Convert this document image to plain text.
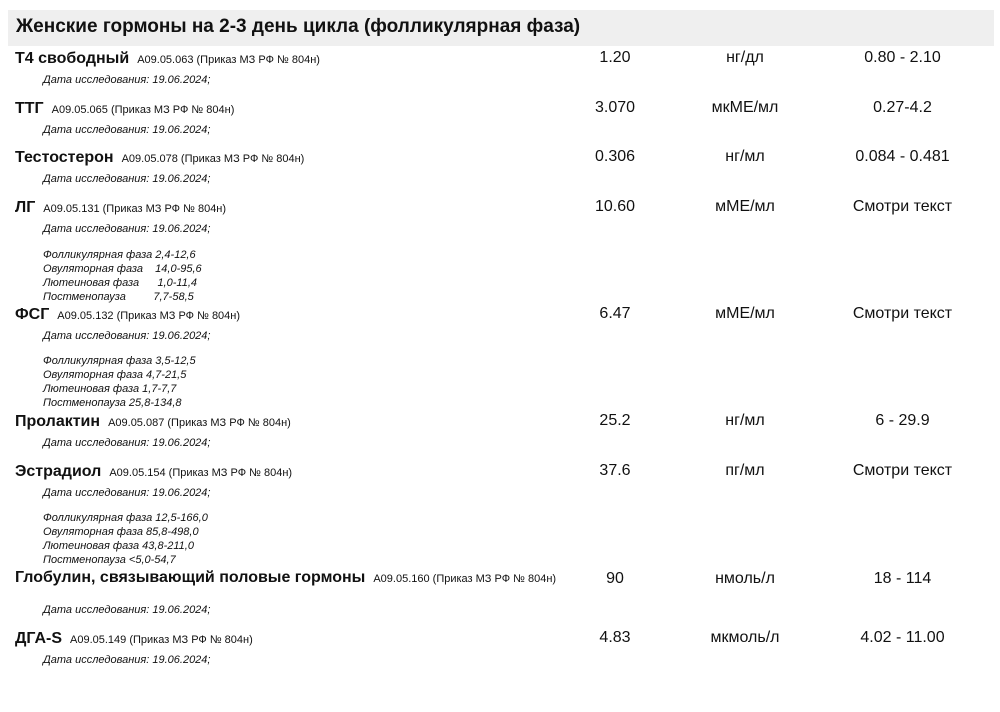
Женские гормоны на 2-3 день цикла (фолликулярная фаза)
Т4 свободный A09.05.063 (Приказ МЗ РФ № 804н)	1.20	нг/дл	0.80 - 2.10
Дата исследования: 19.06.2024;
ТТГ A09.05.065 (Приказ МЗ РФ № 804н)	3.070	мкМЕ/мл	0.27-4.2
Дата исследования: 19.06.2024;
Тестостерон A09.05.078 (Приказ МЗ РФ № 804н)	0.306	нг/мл	0.084 - 0.481
Дата исследования: 19.06.2024;
ЛГ A09.05.131 (Приказ МЗ РФ № 804н)	10.60	мМЕ/мл	Смотри текст
Дата исследования: 19.06.2024;
Фолликулярная фаза 2,4-12,6
Овуляторная фаза    14,0-95,6
Лютеиновая фаза      1,0-11,4
Постменопауза         7,7-58,5
ФСГ A09.05.132 (Приказ МЗ РФ № 804н)	6.47	мМЕ/мл	Смотри текст
Дата исследования: 19.06.2024;
Фолликулярная фаза 3,5-12,5
Овуляторная фаза 4,7-21,5
Лютеиновая фаза 1,7-7,7
Постменопауза 25,8-134,8
Пролактин A09.05.087 (Приказ МЗ РФ № 804н)	25.2	нг/мл	6 - 29.9
Дата исследования: 19.06.2024;
Эстрадиол A09.05.154 (Приказ МЗ РФ № 804н)	37.6	пг/мл	Смотри текст
Дата исследования: 19.06.2024;
Фолликулярная фаза 12,5-166,0
Овуляторная фаза 85,8-498,0
Лютеиновая фаза 43,8-211,0
Постменопауза <5,0-54,7
Глобулин, связывающий половые гормоны A09.05.160 (Приказ МЗ РФ № 804н)	90	нмоль/л	18 - 114
Дата исследования: 19.06.2024;
ДГА-S A09.05.149 (Приказ МЗ РФ № 804н)	4.83	мкмоль/л	4.02 - 11.00
Дата исследования: 19.06.2024;
